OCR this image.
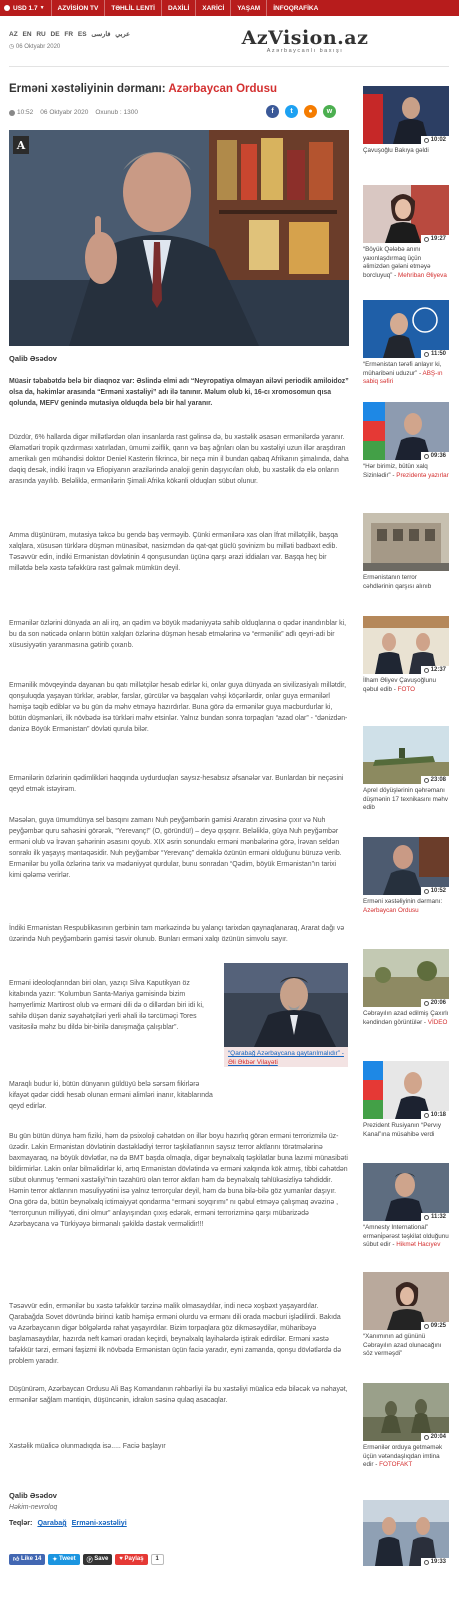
USD 1.7 ▼	AZVİSİON TV	TƏHLİL LENTİ	DAXİLİ	XARİCİ	YAŞAM	İNFOQRAFİKA
AZ EN RU DE FR ES	عربي فارسی
◷ 06 Oktyabr 2020	AzVision.az
Azərbaycanlı baxışı
Erməni xəstəliyinin dərmanı: Azərbaycan Ordusu
10:52 06 Oktyabr 2020 Oxunub : 1300	f	t	●	w
A
Qalib Əsədov

Müasir təbabətdə belə bir diaqnoz var: Əslində elmi adı “Neyropatiya olmayan ailəvi periodik amiloidoz” olsa da, həkimlər arasında “Erməni xəstəliyi” adı ilə tanınır. Məlum olub ki, 16-cı xromosomun qısa qolunda, MEFV genində mutasiya olduqda belə bir hal yaranır.

Düzdür, 6% hallarda digər millətlərdən olan insanlarda rast gəlinsə də, bu xəstəlik əsasən ermənilərdə yaranır. Əlamətləri tropik qızdırması xatırladan, ümumi zəiflik, qarın və baş ağrıları olan bu xəstəliyi uzun illər araşdıran amerikalı gen mühəndisi doktor Deniel Kasterin fikrincə, bir neçə min il bundan qabaq Afrikanın şimalında, daha dəqiq desək, indiki İraqın və Efiopiyanın ərazilərində analoji genin daşıyıcıları olub, bu xəstəlik də elə onların arasında yayılıb. Beləliklə, ermənilərin Şimali Afrika kökənli olduqları sübut olunur.

Amma düşünürəm, mutasiya təkcə bu gendə baş verməyib. Çünki ermənilərə xas olan İfrat millətçilik, başqa xalqlara, xüsusən türklərə düşmən münasibət, nasizmdən də qat-qat güclü şovinizm bu milləti badbəxt edib. Təsəvvür edin, indiki Ermənistan dövlətinin 4 qonşusundan üçünə qarşı ərazi iddiaları var. Başqa heç bir millətdə belə xəstə təfəkkürə rast gəlmək mümkün deyil.

Ermənilər özlərini dünyada ən ali irq, ən qədim və böyük mədəniyyətə sahib olduqlarına o qədər inandırıblar ki, bu da son nəticədə onların bütün xalqları özlərinə düşmən hesab etmələrinə və “erməniliк” adlı qeyri-adi bir xüsusiyyətin yaranmasına gətirib çıxarıb.

Ermənilik mövqeyində dayanan bu qatı millətçilər hesab edirlər ki, onlar guya dünyada ən sivilizasiyalı millətdir, qonşuluqda yaşayan türklər, ərəblər, farslar, gürcülər və başqaları vəhşi köçərilərdir, onlar guya ermənilərl həmişə təqib ediblər və bu gün də məhv etməyə hazırdırlar. Buna görə də ermənilər guya məcburdurlar ki, bütün düşmənləri, ilk növbədə isə türkləri məhv etsinlər. Yalnız bundan sonra torpaqları “azad olar” - “dənizdən-dənizə Böyük Ermənistan” dövləti qurula bilər.

Ermənilərin özlərinin qədimlikləri haqqında uydurduqları saysız-hesabsız əfsanələr var. Bunlardan bir neçəsini qeyd etmək istəyirəm.

Məsələn, guya ümumdünya sel basqını zamanı Nuh peyğəmbərin gəmisi Araratın zirvəsinə çıxır və Nuh peyğəmbər quru sahəsini görərək, “Yerevanç!” (O, göründü!) – deyə qışqırır. Beləliklə, güya Nuh peyğəmbər erməni olub və İrəvan şəhərinin əsasını qoyub. XIX əsrin sonundakı erməni mənbələrinə görə, İrəvan seldən sonrakı ilk yaşayış məntəqəsidir. Nuh peyğəmbər “Yerevanç” deməklə özünün erməni olduğunu büruzə verib. Ermənilər bu yolla özlərinə tarix və mədəniyyət qurdular, bunu sonradan “Qədim, böyük Ermənistan”ın tarixi kimi qələmə verirlər.

İndiki Ermənistan Respublikasının gerbinin tam mərkəzində bu yalançı tarixdən qaynaqlanaraq, Ararat dağı və üzərində Nuh peyğəmbərin gəmisi təsvir olunub. Bunları erməni xalqı özünün simvolu sayır.

Erməni ideoloqlarından biri olan, yazıçı Silva Kaputikyan öz kitabında yazır: “Kolumbun Santa-Mariya gəmisində bizim həmyerlimiz Martirost olub və erməni dili də o dillərdən biri idi ki, sahilə düşən dəniz səyahətçiləri yerli əhali ilə tərcüməçi Tores vasitəsilə məhz bu dildə bir-birilə danışmağa çalışıblar”.

“Qarabağ Azərbaycana qaytarılmalıdır” - Əli Əkbər Vilayəti

Maraqlı budur ki, bütün dünyanın güldüyü belə sərsəm fikirlərə kifayət qədər ciddi hesab olunan erməni alimləri inanır, kitablarında qeyd edirlər.

Bu gün bütün dünya həm fiziki, həm də psixoloji cəhətdən on illər boyu hazırlıq görən erməni terrorizmilə üz-üzədir. Lakin Ermənistan dövlətinin dəstəklədiyi terror təşkilatlarının saysız terror aktlarını törətmələrinə baxmayaraq, nə böyük dövlətlər, nə də BMT başda olmaqla, digər beynəlxalq təşkilatlar buna lazımi münasibəti bildirmirlər. Lakin onlar bilməlidirlər ki, artıq Ermənistan dövlətində və erməni xalqında kök atmış, tibbi cəhətdən sübut olunmuş “erməni xəstəliyi”nin təzahürü olan terror aktları həm də beynəlxalq təhlükəsizliyə təhdiddir. Həmin terror aktlarının məsuliyyətini isə yalnız terrorçular deyil, həm də buna bilə-bilə göz yumanlar daşıyır. Ona görə də, bütün beynəlxalq ictimaiyyət qondarma “erməni soyqırımı” nı qəbul etməyə çalışmaq əvəzinə , “terrorçunun milliyyəti, dini olmur” anlayışından çıxış edərək, erməni terrorizminə qarşı mübarizədə Azərbaycana və Türkiyəyə birmənalı şəkildə dəstək verməlidir!!!

Təsəvvür edin, ermənilər bu xəstə təfəkkür tərzinə malik olmasaydılar, indi necə xoşbəxt yaşayardılar. Qarabağda Sovet dövründə birinci katib həmişə erməni olurdu və ermənı dili orada məcburi işlədilirdi. Bakıda və Azərbaycanın digər bölgələrdə rahat yaşayırdılar. Bizim torpaqlara göz dikməsəydilər, müharibəyə başlamasaydılar, hazırda neft kəməri oradan keçirdi, beynəlxalq layihələrdə iştirak edirdilər. Erməni xəstə təfəkkür tərzi, erməni faşizmi ilk növbədə Ermənistan üçün faciə yaradır, eyni zamanda, qonşu dövlətlərdə də problem yaradır.

Düşünürəm, Azərbaycan Ordusu Ali Baş Komandanın rəhbərliyi ilə bu xəstəliyi müalicə edə biləcək və nəhayət, ermənilər sağlam məntiqin, düşüncənin, idrakın səsinə qulaq asacaqlar.

Xəstəlik müalicə olunmadıqda isə..... Faciə başlayır

Qalib Əsədov
Həkim-nevroloq
Teqlər: Qarabağ Erməni-xəstəliyi
👍︎
Like 14 ✦
Tweet Ⓟ
Save ♥
Paylaş	1
10:02
Çavuşoğlu Bakıya gəldi
19:27
“Böyük Qələbə anını yaxınlaşdırmaq üçün əlimizdən gələni etməyə borcluyuq” - Mehriban Əliyeva
11:50
“Ermənistan tərəfi anlayır ki, müharibəni uduzur” - ABŞ-ın sabiq səfiri
09:36
“Hər birimiz, bütün xalq Sizinlədir” - Prezidentə yazırlar
Ermənistanın terror cəhdlərinin qarşısı alınıb
12:37
İlham Əliyev Çavuşoğlunu qəbul edib - FOTO
23:08
Aprel döyüşlərinin qəhrəmanı düşmənin 17 texnikasını məhv edib
10:52
Erməni xəstəliyinin dərmanı: Azərbaycan Ordusu
20:06
Cəbrayılın azad edilmiş Çaxırlı kəndindən görüntülər - VİDEO
10:18
Prezident Rusiyanın “Pervıy Kanal”ına müsahibə verdi
11:32
“Amnesty International” erməni̇pərəst təşkilat olduğunu sübut edir - Hikmət Hacıyev
09:25
“Xanımının ad gününü Cəbrayılın azad olunacağını söz verməşdi”
20:04
Ermənilər orduya getməmək üçün vətəndaşlıqdan imtina edir - FOTOFAKT
19:33
